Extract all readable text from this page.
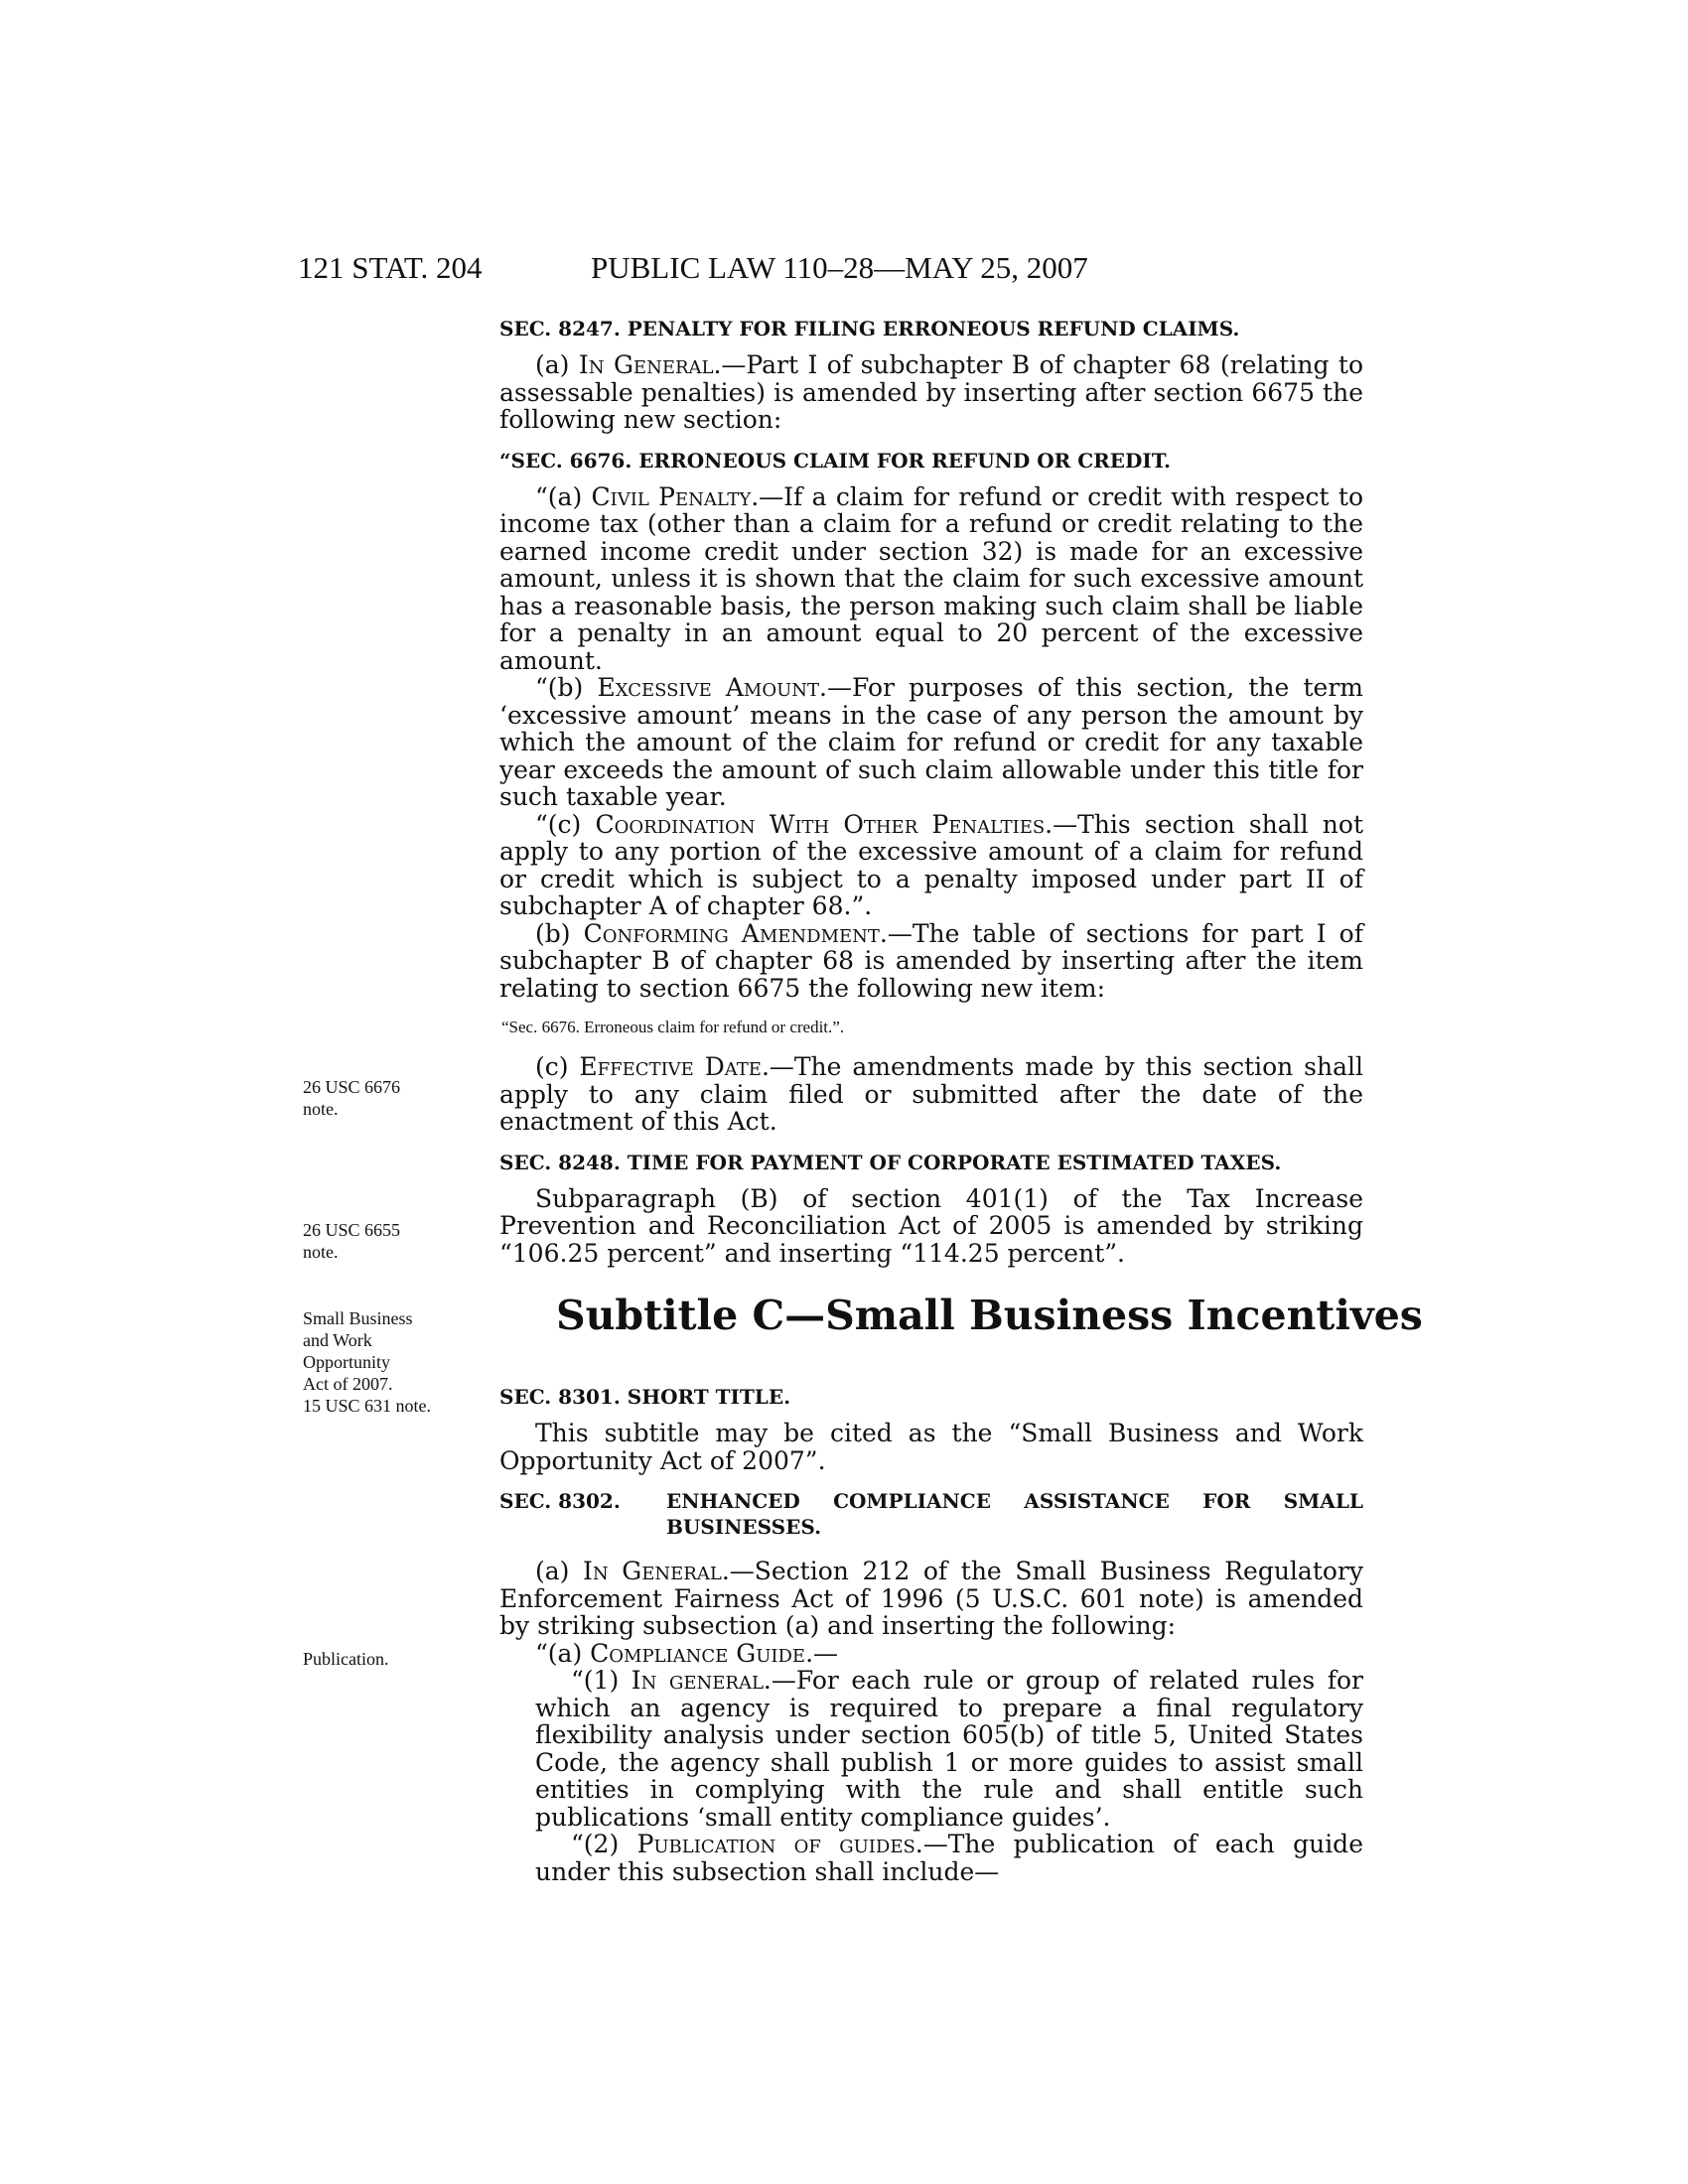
121 STAT. 204	PUBLIC LAW 110–28—MAY 25, 2007
26 USC 6676
note.
26 USC 6655
note.
Small Business
and Work
Opportunity
Act of 2007.
15 USC 631 note.
Publication.
Subtitle C—Small Business Incentives
SEC. 8247. PENALTY FOR FILING ERRONEOUS REFUND CLAIMS.

(a) In General.—Part I of subchapter B of chapter 68 (relating to assessable penalties) is amended by inserting after section 6675 the following new section:

“SEC. 6676. ERRONEOUS CLAIM FOR REFUND OR CREDIT.

“(a) Civil Penalty.—If a claim for refund or credit with respect to income tax (other than a claim for a refund or credit relating to the earned income credit under section 32) is made for an excessive amount, unless it is shown that the claim for such excessive amount has a reasonable basis, the person making such claim shall be liable for a penalty in an amount equal to 20 percent of the excessive amount.

“(b) Excessive Amount.—For purposes of this section, the term ‘excessive amount’ means in the case of any person the amount by which the amount of the claim for refund or credit for any taxable year exceeds the amount of such claim allowable under this title for such taxable year.

“(c) Coordination With Other Penalties.—This section shall not apply to any portion of the excessive amount of a claim for refund or credit which is subject to a penalty imposed under part II of subchapter A of chapter 68.”.

(b) Conforming Amendment.—The table of sections for part I of subchapter B of chapter 68 is amended by inserting after the item relating to section 6675 the following new item:

“Sec. 6676. Erroneous claim for refund or credit.”.

(c) Effective Date.—The amendments made by this section shall apply to any claim filed or submitted after the date of the enactment of this Act.

SEC. 8248. TIME FOR PAYMENT OF CORPORATE ESTIMATED TAXES.

Subparagraph (B) of section 401(1) of the Tax Increase Prevention and Reconciliation Act of 2005 is amended by striking “106.25 percent” and inserting “114.25 percent”.

SEC. 8301. SHORT TITLE.

This subtitle may be cited as the “Small Business and Work Opportunity Act of 2007”.

SEC. 8302.	ENHANCED COMPLIANCE ASSISTANCE FOR SMALL
BUSINESSES.

(a) In General.—Section 212 of the Small Business Regulatory Enforcement Fairness Act of 1996 (5 U.S.C. 601 note) is amended by striking subsection (a) and inserting the following:

“(a) Compliance Guide.—

“(1) In general.—For each rule or group of related rules for which an agency is required to prepare a final regulatory flexibility analysis under section 605(b) of title 5, United States Code, the agency shall publish 1 or more guides to assist small entities in complying with the rule and shall entitle such publications ‘small entity compliance guides’.

“(2) Publication of guides.—The publication of each guide under this subsection shall include—
